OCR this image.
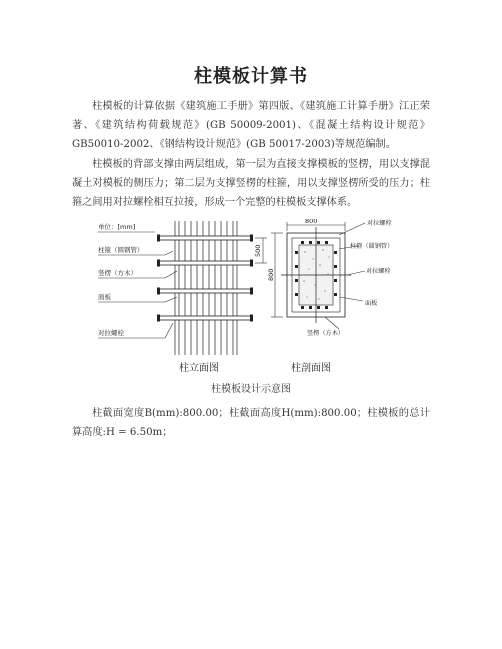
柱模板计算书

柱模板的计算依据《建筑施工手册》第四版、《建筑施工计算手册》江正荣著、《建筑结构荷载规范》(GB 50009-2001)、《混凝土结构设计规范》GB50010-2002、《钢结构设计规范》(GB 50017-2003)等规范编制。

柱模板的背部支撑由两层组成，第一层为直接支撑模板的竖楞，用以支撑混凝土对模板的侧压力；第二层为支撑竖楞的柱箍，用以支撑竖楞所受的压力；柱箍之间用对拉螺栓相互拉接，形成一个完整的柱模板支撑体系。

单位：[mm]
柱箍（圆钢管）
竖楞（方木）
面板
对拉螺栓
500
柱立面图
800
800
对拉螺栓
柱箍（圆钢管）
对拉螺栓
面板
竖楞（方木）
柱剖面图
柱模板设计示意图

柱截面宽度B(mm):800.00；柱截面高度H(mm):800.00；柱模板的总计算高度:H = 6.50m；
